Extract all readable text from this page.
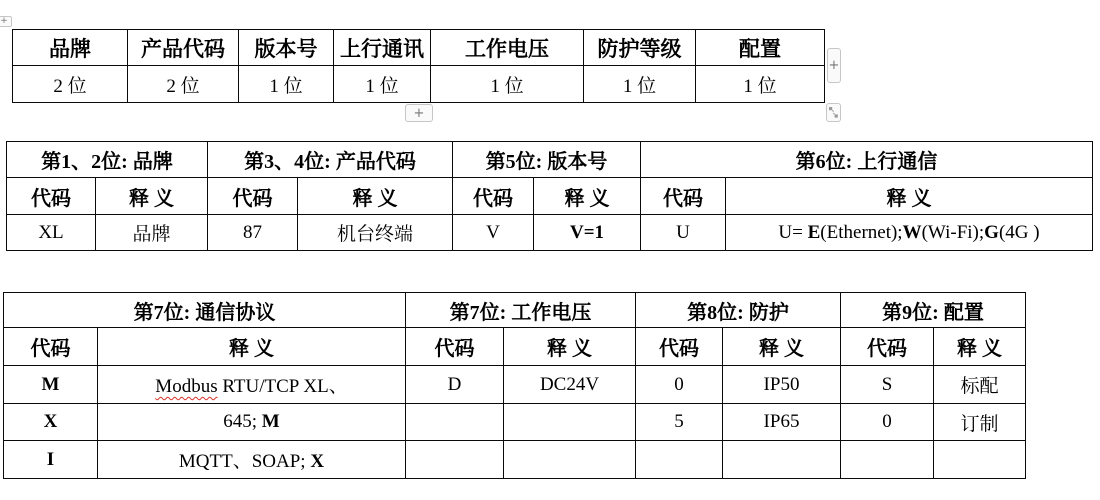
+
品牌	产品代码	版本号	上行通讯	工作电压	防护等级	配置
2 位	2 位	1 位	1 位	1 位	1 位	1 位
+
+
第1、2位: 品牌		第3、4位: 产品代码		第5位: 版本号		第6位: 上行通信	
代码	释 义	代码	释 义	代码	释 义	代码	释 义
XL	品牌	87	机台终端	V	V=1	U	U= E(Ethernet);W(Wi-Fi);G(4G )
第7位: 通信协议		第7位: 工作电压		第8位: 防护		第9位: 配置	
代码	释 义	代码	释 义	代码	释 义	代码	释 义
M	Modbus RTU/TCP XL、	D	DC24V	0	IP50	S	标配
X	645; M			5	IP65	0	订制
I	MQTT、SOAP; X						
